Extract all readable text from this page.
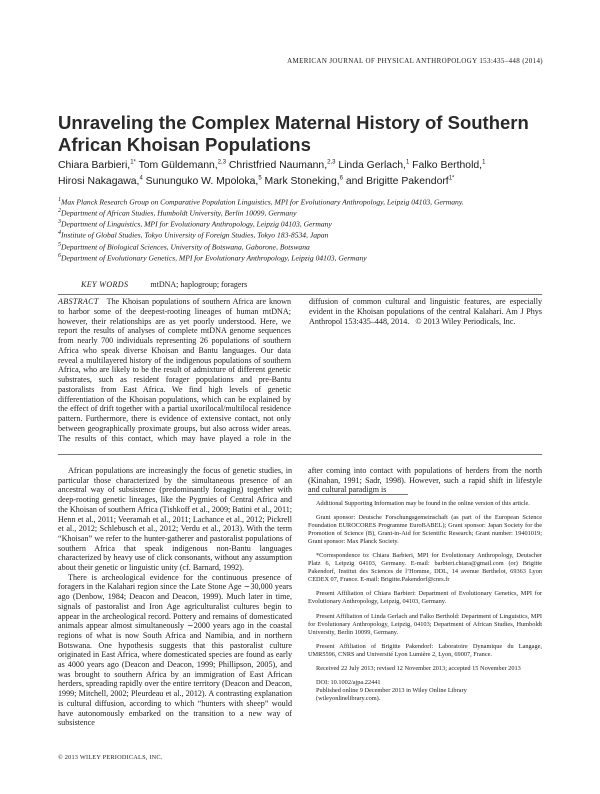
AMERICAN JOURNAL OF PHYSICAL ANTHROPOLOGY 153:435–448 (2014)
Unraveling the Complex Maternal History of Southern African Khoisan Populations

Chiara Barbieri,$^{1*}$ Tom Güldemann,$^{2,3}$ Christfried Naumann,$^{2,3}$ Linda Gerlach,$^1$ Falko Berthold,$^1$
Hirosi Nakagawa,$^4$ Sununguko W. Mpoloka,$^5$ Mark Stoneking,$^6$ and Brigitte Pakendorf$^{1*}$

$^1$Max Planck Research Group on Comparative Population Linguistics, MPI for Evolutionary Anthropology, Leipzig 04103, Germany.
$^2$Department of African Studies, Humboldt University, Berlin 10099, Germany
$^3$Department of Linguistics, MPI for Evolutionary Anthropology, Leipzig 04103, Germany
$^4$Institute of Global Studies, Tokyo University of Foreign Studies, Tokyo 183-8534, Japan
$^5$Department of Biological Sciences, University of Botswana, Gaborone, Botswana
$^6$Department of Evolutionary Genetics, MPI for Evolutionary Anthropology, Leipzig 04103, Germany
KEY WORDS	mtDNA; haplogroup; foragers

ABSTRACT The Khoisan populations of southern Africa are known to harbor some of the deepest-rooting lineages of human mtDNA; however, their relationships are as yet poorly understood. Here, we report the results of analyses of complete mtDNA genome sequences from nearly 700 individuals representing 26 populations of southern Africa who speak diverse Khoisan and Bantu languages. Our data reveal a multilayered history of the indigenous populations of southern Africa, who are likely to be the result of admixture of different genetic substrates, such as resident forager populations and pre-Bantu pastoralists from East Africa. We find high levels of genetic differentiation of the Khoisan populations, which can be explained by the effect of drift together with a partial uxorilocal/multilocal residence pattern. Furthermore, there is evidence of extensive contact, not only between geographically proximate groups, but also across wider areas. The results of this contact, which may have played a role in the diffusion of common cultural and linguistic features, are especially evident in the Khoisan populations of the central Kalahari. Am J Phys Anthropol 153:435–448, 2014. © 2013 Wiley Periodicals, Inc.

African populations are increasingly the focus of genetic studies, in particular those characterized by the simultaneous presence of an ancestral way of subsistence (predominantly foraging) together with deep-rooting genetic lineages, like the Pygmies of Central Africa and the Khoisan of southern Africa (Tishkoff et al., 2009; Batini et al., 2011; Henn et al., 2011; Veeramah et al., 2011; Lachance et al., 2012; Pickrell et al., 2012; Schlebusch et al., 2012; Verdu et al., 2013). With the term “Khoisan” we refer to the hunter-gatherer and pastoralist populations of southern Africa that speak indigenous non-Bantu languages characterized by heavy use of click consonants, without any assumption about their genetic or linguistic unity (cf. Barnard, 1992).

There is archeological evidence for the continuous presence of foragers in the Kalahari region since the Late Stone Age ∼30,000 years ago (Denbow, 1984; Deacon and Deacon, 1999). Much later in time, signals of pastoralist and Iron Age agriculturalist cultures begin to appear in the archeological record. Pottery and remains of domesticated animals appear almost simultaneously ∼2000 years ago in the coastal regions of what is now South Africa and Namibia, and in northern Botswana. One hypothesis suggests that this pastoralist culture originated in East Africa, where domesticated species are found as early as 4000 years ago (Deacon and Deacon, 1999; Phillipson, 2005), and was brought to southern Africa by an immigration of East African herders, spreading rapidly over the entire territory (Deacon and Deacon, 1999; Mitchell, 2002; Pleurdeau et al., 2012). A contrasting explanation is cultural diffusion, according to which “hunters with sheep” would have autonomously embarked on the transition to a new way of subsistence

after coming into contact with populations of herders from the north (Kinahan, 1991; Sadr, 1998). However, such a rapid shift in lifestyle and cultural paradigm is

Additional Supporting Information may be found in the online version of this article.

Grant sponsor: Deutsche Forschungsgemeinschaft (as part of the European Science Foundation EUROCORES Programme EuroBABEL); Grant sponsor: Japan Society for the Promotion of Science (B), Grant-in-Aid for Scientific Research; Grant number: 19401019; Grant sponsor: Max Planck Society.

*Correspondence to: Chiara Barbieri, MPI for Evolutionary Anthropology, Deutscher Platz 6, Leipzig 04103, Germany. E-mail: barbieri.chiara@gmail.com (or) Brigitte Pakendorf, Institut des Sciences de l’Homme, DDL, 14 avenue Berthelot, 69363 Lyon CEDEX 07, France. E-mail: Brigitte.Pakendorf@cnrs.fr

Present Affiliation of Chiara Barbieri: Department of Evolutionary Genetics, MPI for Evolutionary Anthropology, Leipzig, 04103, Germany.

Present Affiliation of Linda Gerlach and Falko Berthold: Department of Linguistics, MPI for Evolutionary Anthropology, Leipzig, 04103; Department of African Studies, Humboldt University, Berlin 10099, Germany.

Present Affiliation of Brigitte Pakendorf: Laboratoire Dynamique du Langage, UMR5596, CNRS and Université Lyon Lumière 2, Lyon, 69007, France.

Received 22 July 2013; revised 12 November 2013; accepted 15 November 2013

DOI: 10.1002/ajpa.22441

Published online 9 December 2013 in Wiley Online Library

(wileyonlinelibrary.com).

© 2013 WILEY PERIODICALS, INC.
